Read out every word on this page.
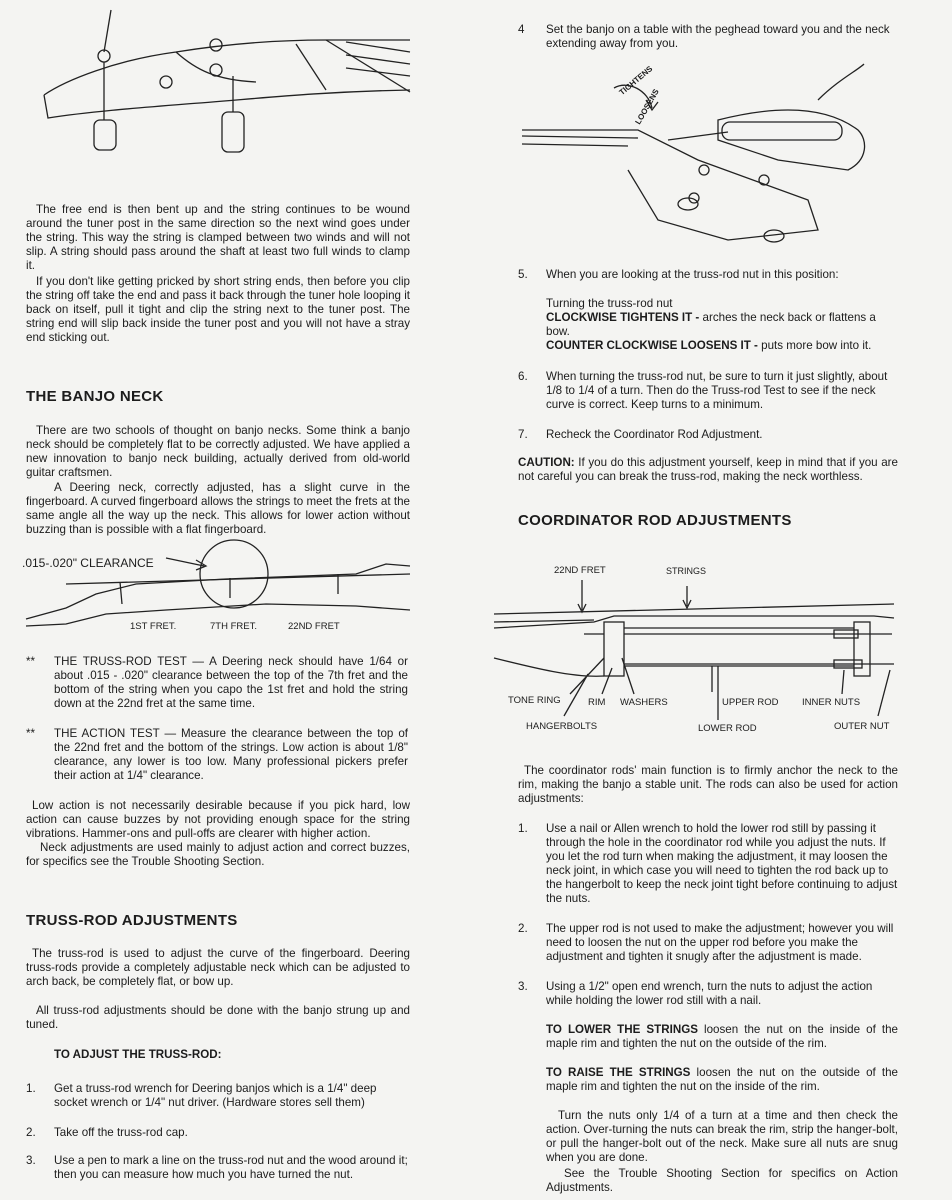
The free end is then bent up and the string continues to be wound around the tuner post in the same direction so the next wind goes under the string. This way the string is clamped between two winds and will not slip. A string should pass around the shaft at least two full winds to clamp it.
If you don't like getting pricked by short string ends, then before you clip the string off take the end and pass it back through the tuner hole looping it back on itself, pull it tight and clip the string next to the tuner post. The string end will slip back inside the tuner post and you will not have a stray end sticking out.
THE BANJO NECK
There are two schools of thought on banjo necks. Some think a banjo neck should be completely flat to be correctly adjusted. We have applied a new innovation to banjo neck building, actually derived from old-world guitar craftsmen.
A Deering neck, correctly adjusted, has a slight curve in the fingerboard. A curved fingerboard allows the strings to meet the frets at the same angle all the way up the neck. This allows for lower action without buzzing than is possible with a flat fingerboard.
.015-.020" CLEARANCE
1ST FRET.	7TH FRET.	22ND FRET
** THE TRUSS-ROD TEST — A Deering neck should have 1/64 or about .015 - .020" clearance between the top of the 7th fret and the bottom of the string when you capo the 1st fret and hold the string down at the 22nd fret at the same time.
** THE ACTION TEST — Measure the clearance between the top of the 22nd fret and the bottom of the strings. Low action is about 1/8" clearance, any lower is too low. Many professional pickers prefer their action at 1/4" clearance.
Low action is not necessarily desirable because if you pick hard, low action can cause buzzes by not providing enough space for the string vibrations. Hammer-ons and pull-offs are clearer with higher action.
Neck adjustments are used mainly to adjust action and correct buzzes, for specifics see the Trouble Shooting Section.
TRUSS-ROD ADJUSTMENTS
The truss-rod is used to adjust the curve of the fingerboard. Deering truss-rods provide a completely adjustable neck which can be adjusted to arch back, be completely flat, or bow up.
All truss-rod adjustments should be done with the banjo strung up and tuned.
TO ADJUST THE TRUSS-ROD:
1. Get a truss-rod wrench for Deering banjos which is a 1/4" deep socket wrench or 1/4" nut driver. (Hardware stores sell them)
2. Take off the truss-rod cap.
3. Use a pen to mark a line on the truss-rod nut and the wood around it; then you can measure how much you have turned the nut.
4 Set the banjo on a table with the peghead toward you and the neck extending away from you.
TIGHTENS
LOOSENS
5. When you are looking at the truss-rod nut in this position:
Turning the truss-rod nut
CLOCKWISE TIGHTENS IT - arches the neck back or flattens a bow.
COUNTER CLOCKWISE LOOSENS IT - puts more bow into it.
6. When turning the truss-rod nut, be sure to turn it just slightly, about 1/8 to 1/4 of a turn. Then do the Truss-rod Test to see if the neck curve is correct. Keep turns to a minimum.
7. Recheck the Coordinator Rod Adjustment.
CAUTION: If you do this adjustment yourself, keep in mind that if you are not careful you can break the truss-rod, making the neck worthless.
COORDINATOR ROD ADJUSTMENTS
22ND FRET	STRINGS
TONE RING	RIM WASHERS	UPPER ROD INNER NUTS
HANGERBOLTS	LOWER ROD	OUTER NUT
The coordinator rods' main function is to firmly anchor the neck to the rim, making the banjo a stable unit. The rods can also be used for action adjustments:
1. Use a nail or Allen wrench to hold the lower rod still by passing it through the hole in the coordinator rod while you adjust the nuts. If you let the rod turn when making the adjustment, it may loosen the neck joint, in which case you will need to tighten the rod back up to the hangerbolt to keep the neck joint tight before continuing to adjust the nuts.
2. The upper rod is not used to make the adjustment; however you will need to loosen the nut on the upper rod before you make the adjustment and tighten it snugly after the adjustment is made.
3. Using a 1/2" open end wrench, turn the nuts to adjust the action while holding the lower rod still with a nail.
TO LOWER THE STRINGS loosen the nut on the inside of the maple rim and tighten the nut on the outside of the rim.
TO RAISE THE STRINGS loosen the nut on the outside of the maple rim and tighten the nut on the inside of the rim.
Turn the nuts only 1/4 of a turn at a time and then check the action. Over-turning the nuts can break the rim, strip the hanger-bolt, or pull the hanger-bolt out of the neck. Make sure all nuts are snug when you are done.
See the Trouble Shooting Section for specifics on Action Adjustments.
